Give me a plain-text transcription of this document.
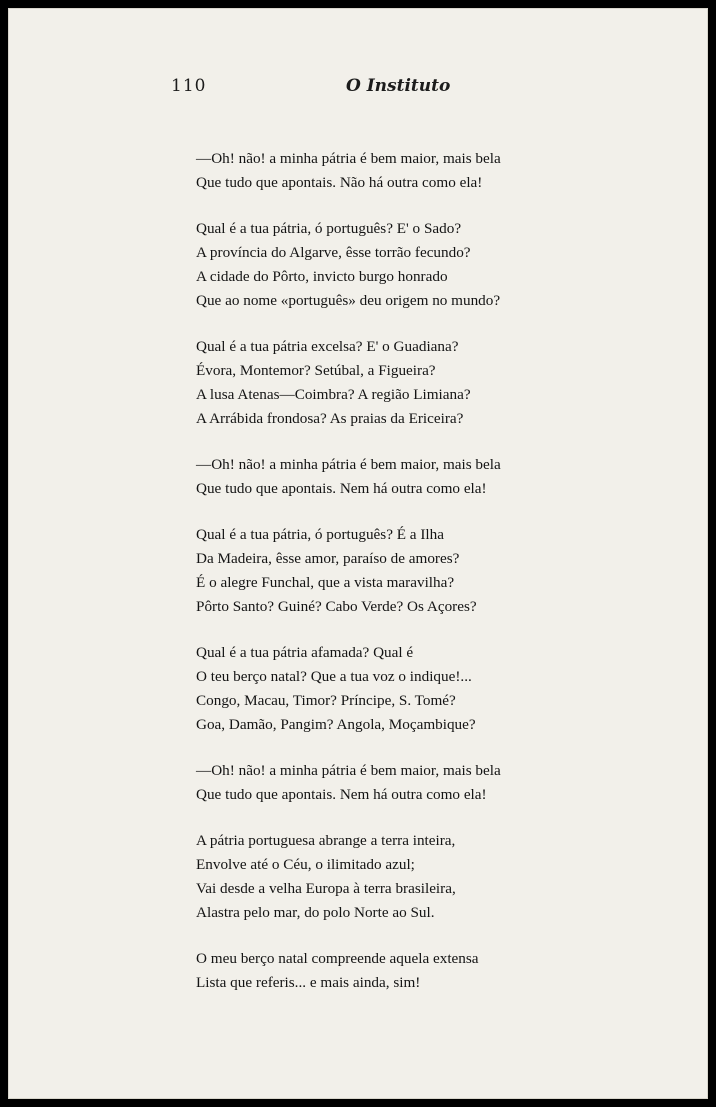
110	O Instituto
—Oh! não! a minha pátria é bem maior, mais bela
Que tudo que apontais. Não há outra como ela!
Qual é a tua pátria, ó português? E' o Sado?
A província do Algarve, êsse torrão fecundo?
A cidade do Pôrto, invicto burgo honrado
Que ao nome «português» deu origem no mundo?
Qual é a tua pátria excelsa? E' o Guadiana?
Évora, Montemor? Setúbal, a Figueira?
A lusa Atenas—Coimbra? A região Limiana?
A Arrábida frondosa? As praias da Ericeira?
—Oh! não! a minha pátria é bem maior, mais bela
Que tudo que apontais. Nem há outra como ela!
Qual é a tua pátria, ó português? É a Ilha
Da Madeira, êsse amor, paraíso de amores?
É o alegre Funchal, que a vista maravilha?
Pôrto Santo? Guiné? Cabo Verde? Os Açores?
Qual é a tua pátria afamada? Qual é
O teu berço natal? Que a tua voz o indique!...
Congo, Macau, Timor? Príncipe, S. Tomé?
Goa, Damão, Pangim? Angola, Moçambique?
—Oh! não! a minha pátria é bem maior, mais bela
Que tudo que apontais. Nem há outra como ela!
A pátria portuguesa abrange a terra inteira,
Envolve até o Céu, o ilimitado azul;
Vai desde a velha Europa à terra brasileira,
Alastra pelo mar, do polo Norte ao Sul.
O meu berço natal compreende aquela extensa
Lista que referis... e mais ainda, sim!
